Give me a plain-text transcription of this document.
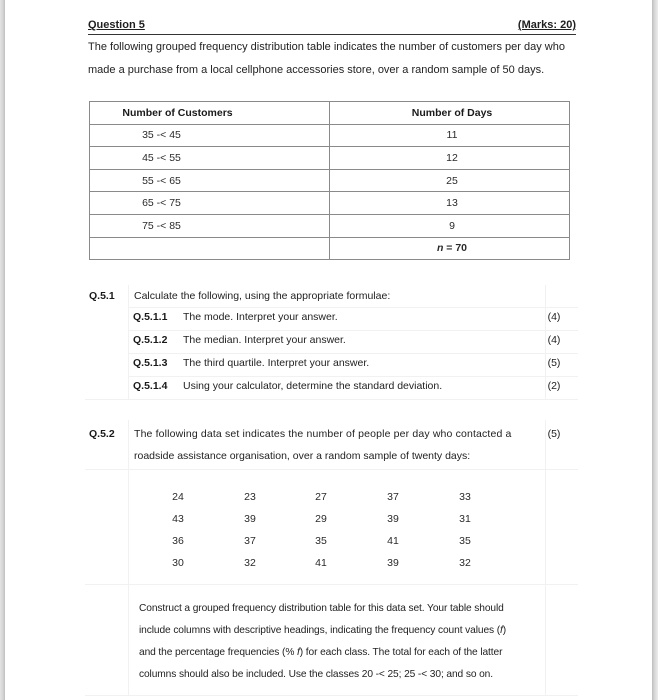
Question 5	(Marks: 20)
The following grouped frequency distribution table indicates the number of customers per day who made a purchase from a local cellphone accessories store, over a random sample of 50 days.
Number of Customers	Number of Days
35 -< 45	11
45 -< 55	12
55 -< 65	25
65 -< 75	13
75 -< 85	9
	n = 70
Q.5.1 Calculate the following, using the appropriate formulae:
Q.5.1.1 The mode. Interpret your answer.	(4)
Q.5.1.2 The median. Interpret your answer.	(4)
Q.5.1.3 The third quartile. Interpret your answer.	(5)
Q.5.1.4 Using your calculator, determine the standard deviation.	(2)
Q.5.2 The following data set indicates the number of people per day who contacted a
roadside assistance organisation, over a random sample of twenty days:
(5)
24	23	27	37	33
43	39	29	39	31
36	37	35	41	35
30	32	41	39	32
Construct a grouped frequency distribution table for this data set. Your table should
include columns with descriptive headings, indicating the frequency count values (f)
and the percentage frequencies (% f) for each class. The total for each of the latter
columns should also be included. Use the classes 20 -< 25; 25 -< 30; and so on.
